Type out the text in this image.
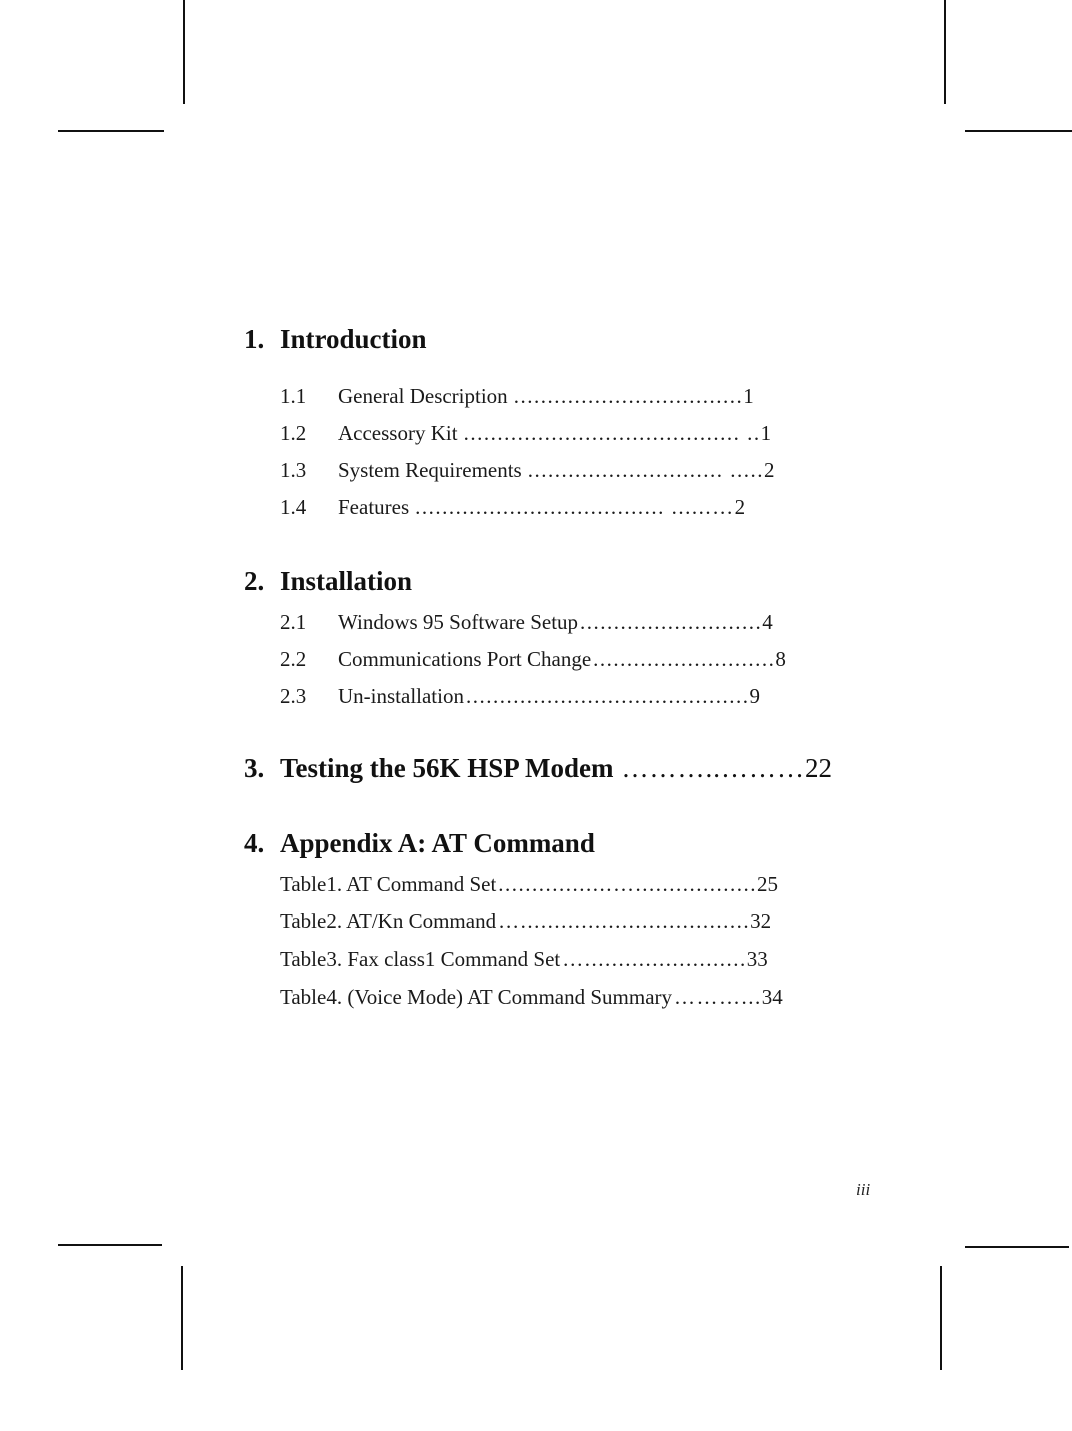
1. Introduction
1.1	General Description .................................. 1
1.2	Accessory Kit ......................................... .. 1
1.3	System Requirements ............................. ..... 2
1.4	Features ..................................... ......… 2
2. Installation
2.1	Windows 95 Software Setup ........................... 4
2.2	Communications Port Change ........................... 8
2.3	Un-installation .......................................... 9
3. Testing the 56K HSP Modem ………..……… 22
4. Appendix A: AT Command
Table1. AT Command Set .................….................. 25
Table2. AT/Kn Command ….................................. 32
Table3. Fax class1 Command Set …........................ 33
Table4. (Voice Mode) AT Command Summary ………... 34
iii
